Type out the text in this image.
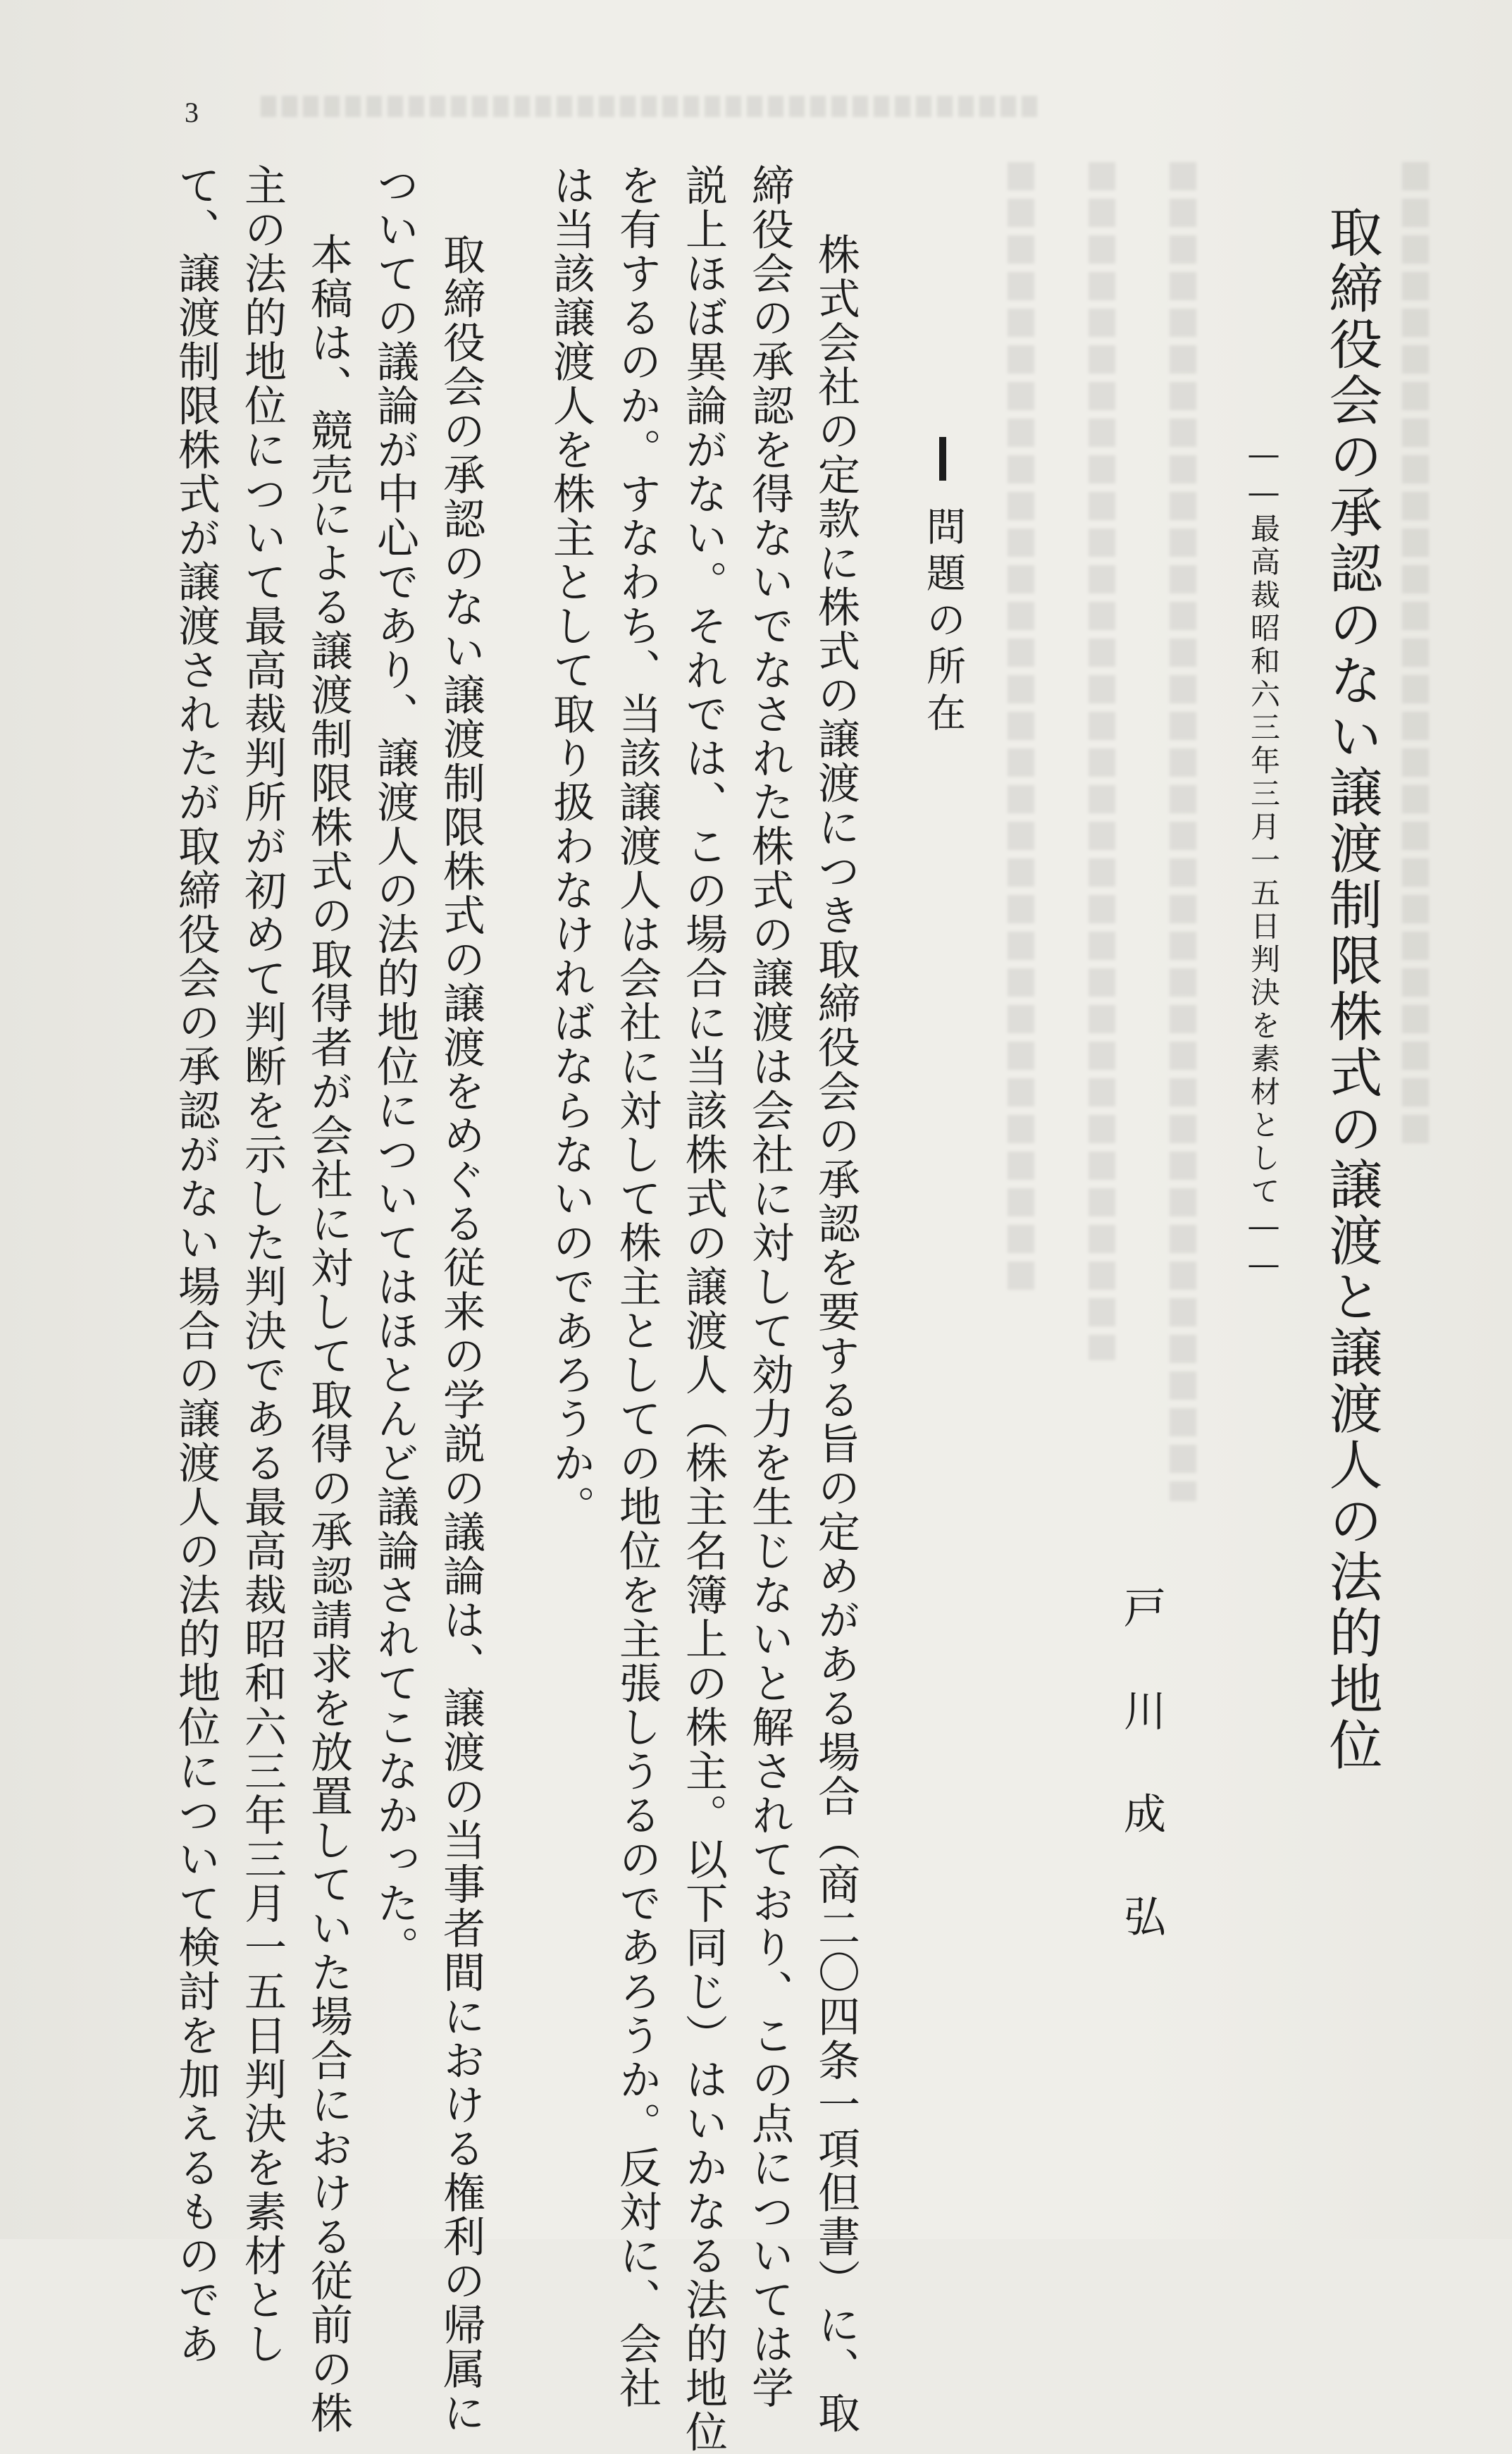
3
取締役会の承認のない譲渡制限株式の譲渡と譲渡人の法的地位
――最高裁昭和六三年三月一五日判決を素材として――
戸川成弘
問題の所在
株式会社の定款に株式の譲渡につき取締役会の承認を要する旨の定めがある場合（商二〇四条一項但書）に、取
締役会の承認を得ないでなされた株式の譲渡は会社に対して効力を生じないと解されており、この点については学
説上ほぼ異論がない。それでは、この場合に当該株式の譲渡人（株主名簿上の株主。以下同じ）はいかなる法的地位
を有するのか。すなわち、当該譲渡人は会社に対して株主としての地位を主張しうるのであろうか。反対に、会社
は当該譲渡人を株主として取り扱わなければならないのであろうか。
取締役会の承認のない譲渡制限株式の譲渡をめぐる従来の学説の議論は、譲渡の当事者間における権利の帰属に
ついての議論が中心であり、譲渡人の法的地位についてはほとんど議論されてこなかった。
本稿は、競売による譲渡制限株式の取得者が会社に対して取得の承認請求を放置していた場合における従前の株
主の法的地位について最高裁判所が初めて判断を示した判決である最高裁昭和六三年三月一五日判決を素材とし
て、譲渡制限株式が譲渡されたが取締役会の承認がない場合の譲渡人の法的地位について検討を加えるものであ
